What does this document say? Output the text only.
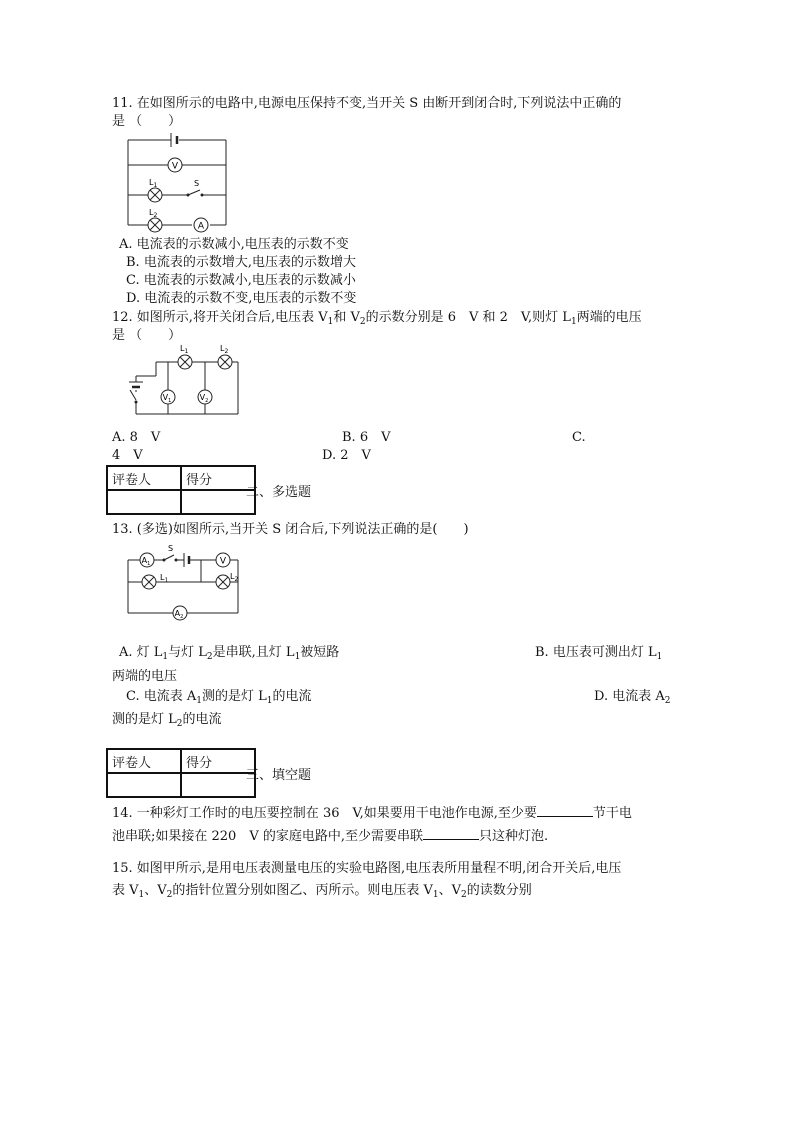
11. 在如图所示的电路中,电源电压保持不变,当开关 S 由断开到闭合时,下列说法中正确的
是 （　　）
V
$L_1$	S
$L_2$
A
A. 电流表的示数减小,电压表的示数不变
B. 电流表的示数增大,电压表的示数增大
C. 电流表的示数减小,电压表的示数减小
D. 电流表的示数不变,电压表的示数不变
12. 如图所示,将开关闭合后,电压表 $V_1$和 $V_2$的示数分别是 6　V 和 2　V,则灯 $L_1$两端的电压
是 （　　）
$L_1$	$L_2$
$V_1$	$V_2$
A. 8　V	B. 6　V	C.
4　V	D. 2　V
评卷人	得分

二、多选题
13. (多选)如图所示,当开关 S 闭合后,下列说法正确的是(　　)
$A_1$
S
V
$L_1$	$L_2$
$A_2$
A. 灯 $L_1$与灯 $L_2$是串联,且灯 $L_1$被短路	B. 电压表可测出灯 $L_1$
两端的电压
C. 电流表 $A_1$测的是灯 $L_1$的电流	D. 电流表 $A_2$
测的是灯 $L_2$的电流
评卷人	得分

三、填空题
14. 一种彩灯工作时的电压要控制在 36　V,如果要用干电池作电源,至少要	节干电
池串联;如果接在 220　V 的家庭电路中,至少需要串联	只这种灯泡.
15. 如图甲所示,是用电压表测量电压的实验电路图,电压表所用量程不明,闭合开关后,电压
表 $V_1$、$V_2$的指针位置分别如图乙、丙所示。则电压表 $V_1$、$V_2$的读数分别
